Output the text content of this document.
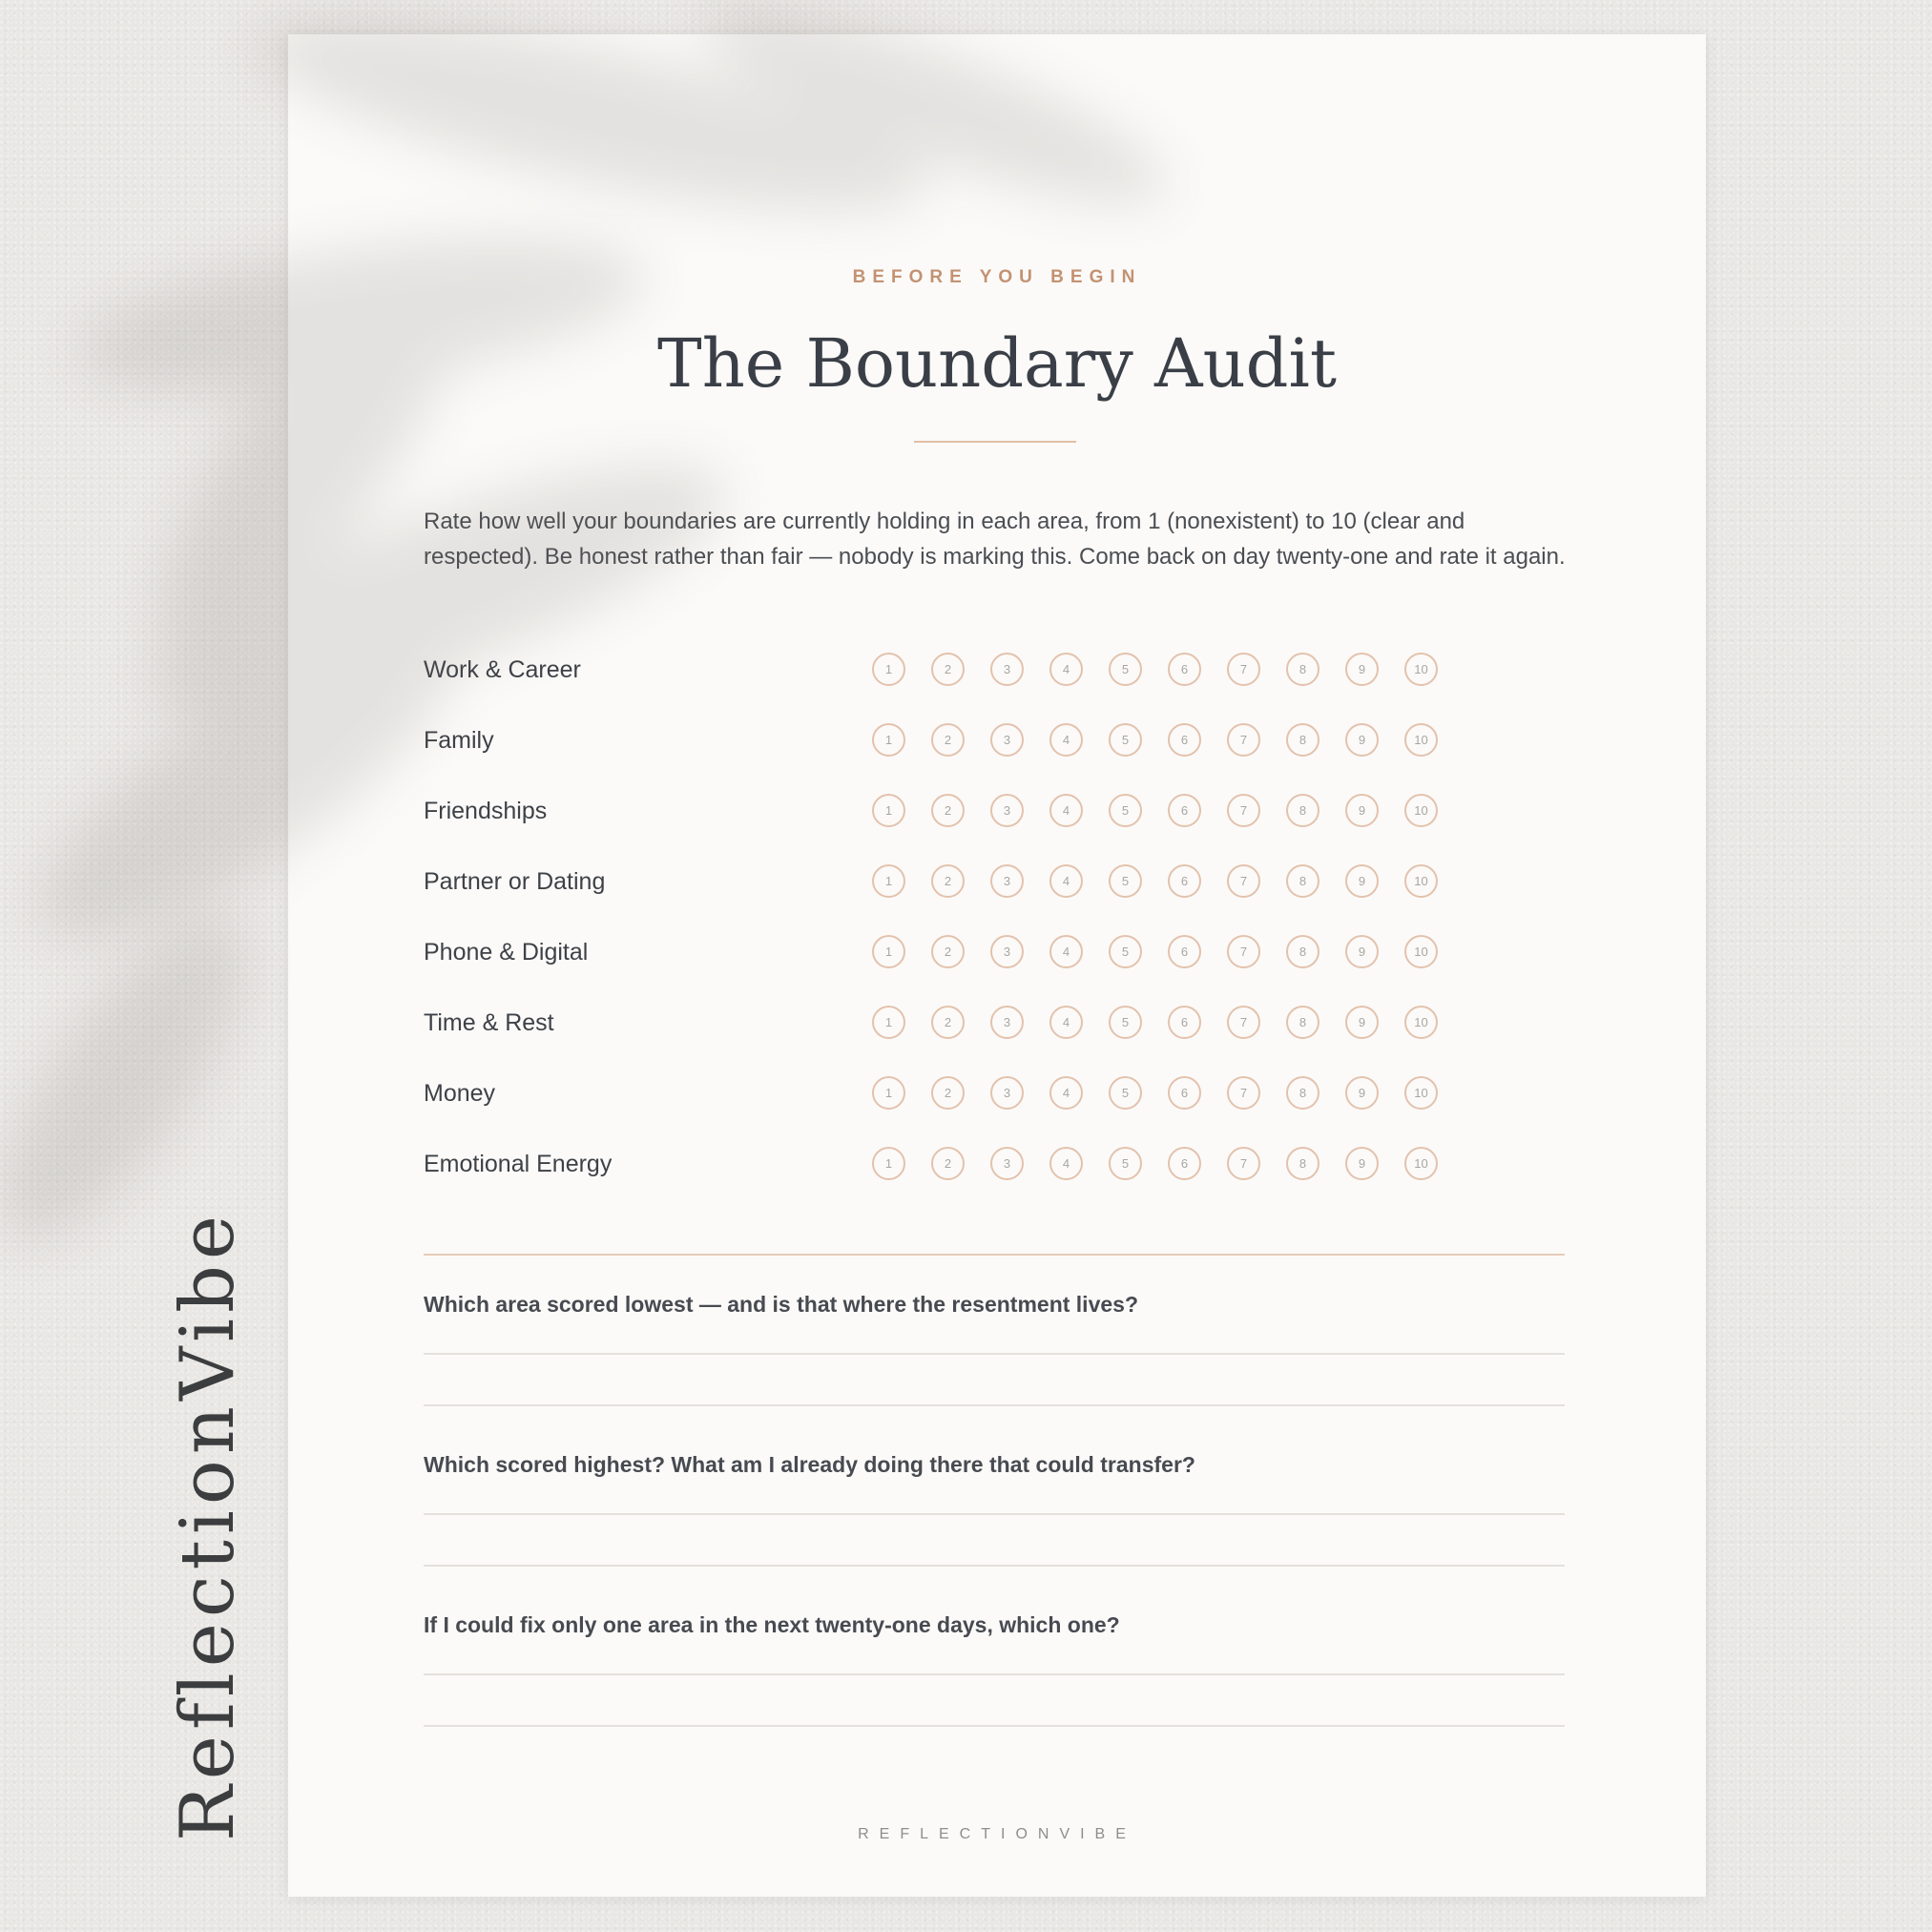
ReflectionVibe
BEFORE YOU BEGIN
The Boundary Audit
Rate how well your boundaries are currently holding in each area, from 1 (nonexistent) to 10 (clear and respected). Be honest rather than fair — nobody is marking this. Come back on day twenty-one and rate it again.
Work & Career	1	2	3	4	5	6	7	8	9	10
Family	1	2	3	4	5	6	7	8	9	10
Friendships	1	2	3	4	5	6	7	8	9	10
Partner or Dating	1	2	3	4	5	6	7	8	9	10
Phone & Digital	1	2	3	4	5	6	7	8	9	10
Time & Rest	1	2	3	4	5	6	7	8	9	10
Money	1	2	3	4	5	6	7	8	9	10
Emotional Energy	1	2	3	4	5	6	7	8	9	10
Which area scored lowest — and is that where the resentment lives?
Which scored highest? What am I already doing there that could transfer?
If I could fix only one area in the next twenty-one days, which one?
REFLECTIONVIBE
